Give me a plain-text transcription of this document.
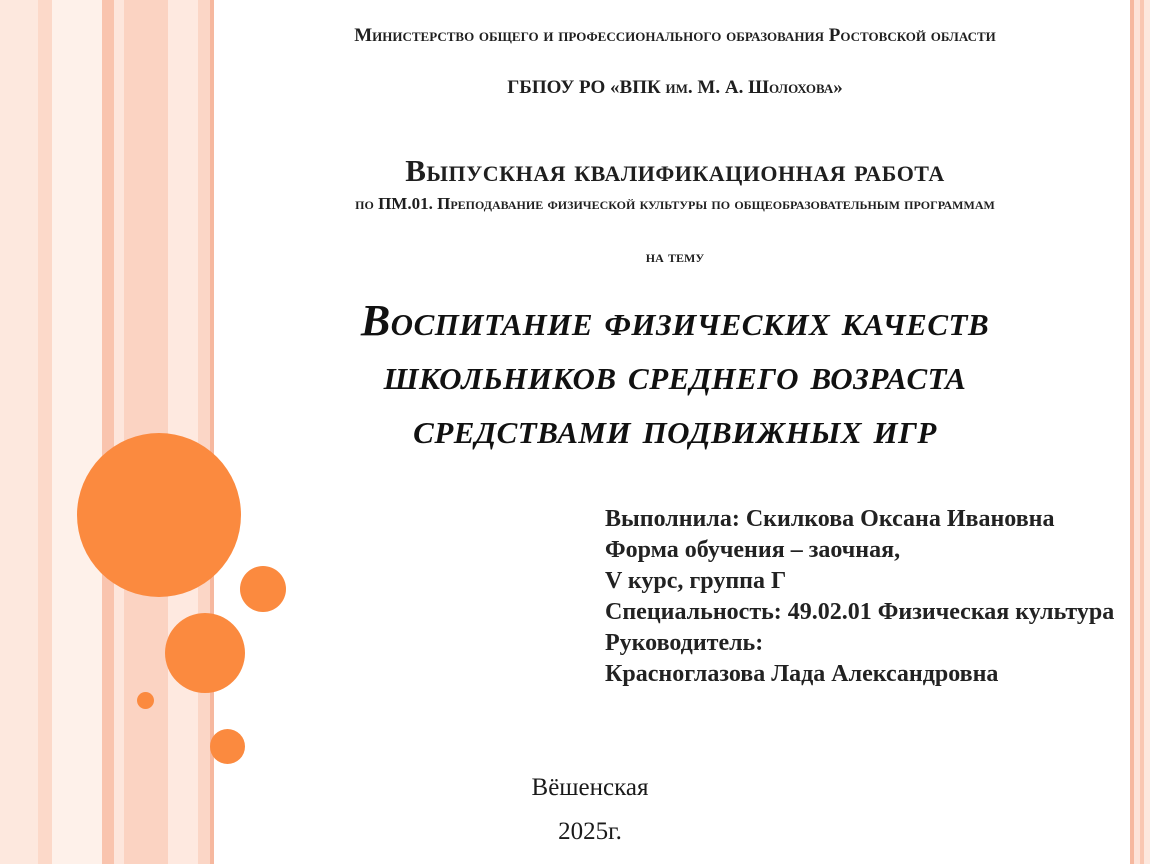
Министерство общего и профессионального образования Ростовской области
ГБПОУ РО «ВПК им. М. А. Шолохова»
Выпускная квалификационная работа
по ПМ.01. Преподавание физической культуры по общеобразовательным программам
на тему
Воспитание физических качеств школьников среднего возраста средствами подвижных игр
Выполнила: Скилкова Оксана Ивановна
Форма обучения – заочная,
V курс, группа Г
Специальность: 49.02.01 Физическая культура
Руководитель:
Красноглазова Лада Александровна
Вёшенская
2025г.
